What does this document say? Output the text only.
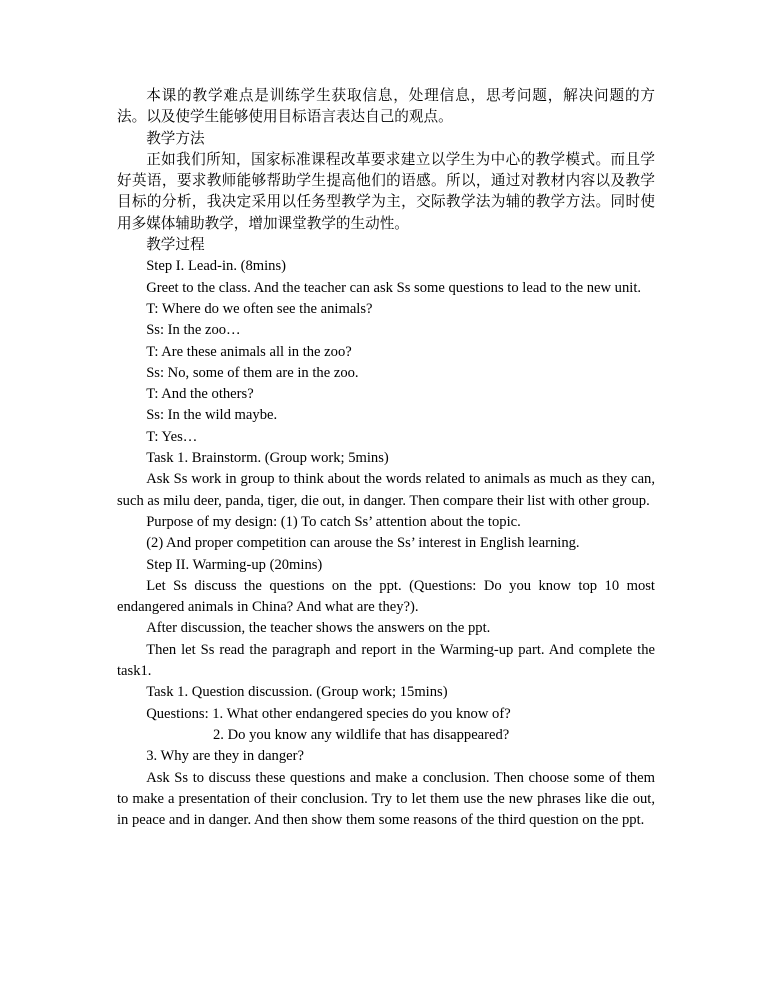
本课的教学难点是训练学生获取信息，处理信息，思考问题，解决问题的方法。以及使学生能够使用目标语言表达自己的观点。

教学方法

正如我们所知，国家标准课程改革要求建立以学生为中心的教学模式。而且学好英语，要求教师能够帮助学生提高他们的语感。所以，通过对教材内容以及教学目标的分析，我决定采用以任务型教学为主，交际教学法为辅的教学方法。同时使用多媒体辅助教学，增加课堂教学的生动性。

教学过程

Step I. Lead-in. (8mins)

Greet to the class. And the teacher can ask Ss some questions to lead to the new unit.

T: Where do we often see the animals?

Ss: In the zoo…

T: Are these animals all in the zoo?

Ss: No, some of them are in the zoo.

T: And the others?

Ss: In the wild maybe.

T: Yes…

Task 1. Brainstorm. (Group work; 5mins)

Ask Ss work in group to think about the words related to animals as much as they can, such as milu deer, panda, tiger, die out, in danger. Then compare their list with other group.

Purpose of my design: (1) To catch Ss’ attention about the topic.

(2) And proper competition can arouse the Ss’ interest in English learning.

Step II. Warming-up (20mins)

Let Ss discuss the questions on the ppt. (Questions: Do you know top 10 most endangered animals in China? And what are they?).

After discussion, the teacher shows the answers on the ppt.

Then let Ss read the paragraph and report in the Warming-up part. And complete the task1.

Task 1. Question discussion. (Group work; 15mins)

Questions: 1. What other endangered species do you know of?

2. Do you know any wildlife that has disappeared?

3. Why are they in danger?

Ask Ss to discuss these questions and make a conclusion. Then choose some of them to make a presentation of their conclusion. Try to let them use the new phrases like die out, in peace and in danger. And then show them some reasons of the third question on the ppt.
